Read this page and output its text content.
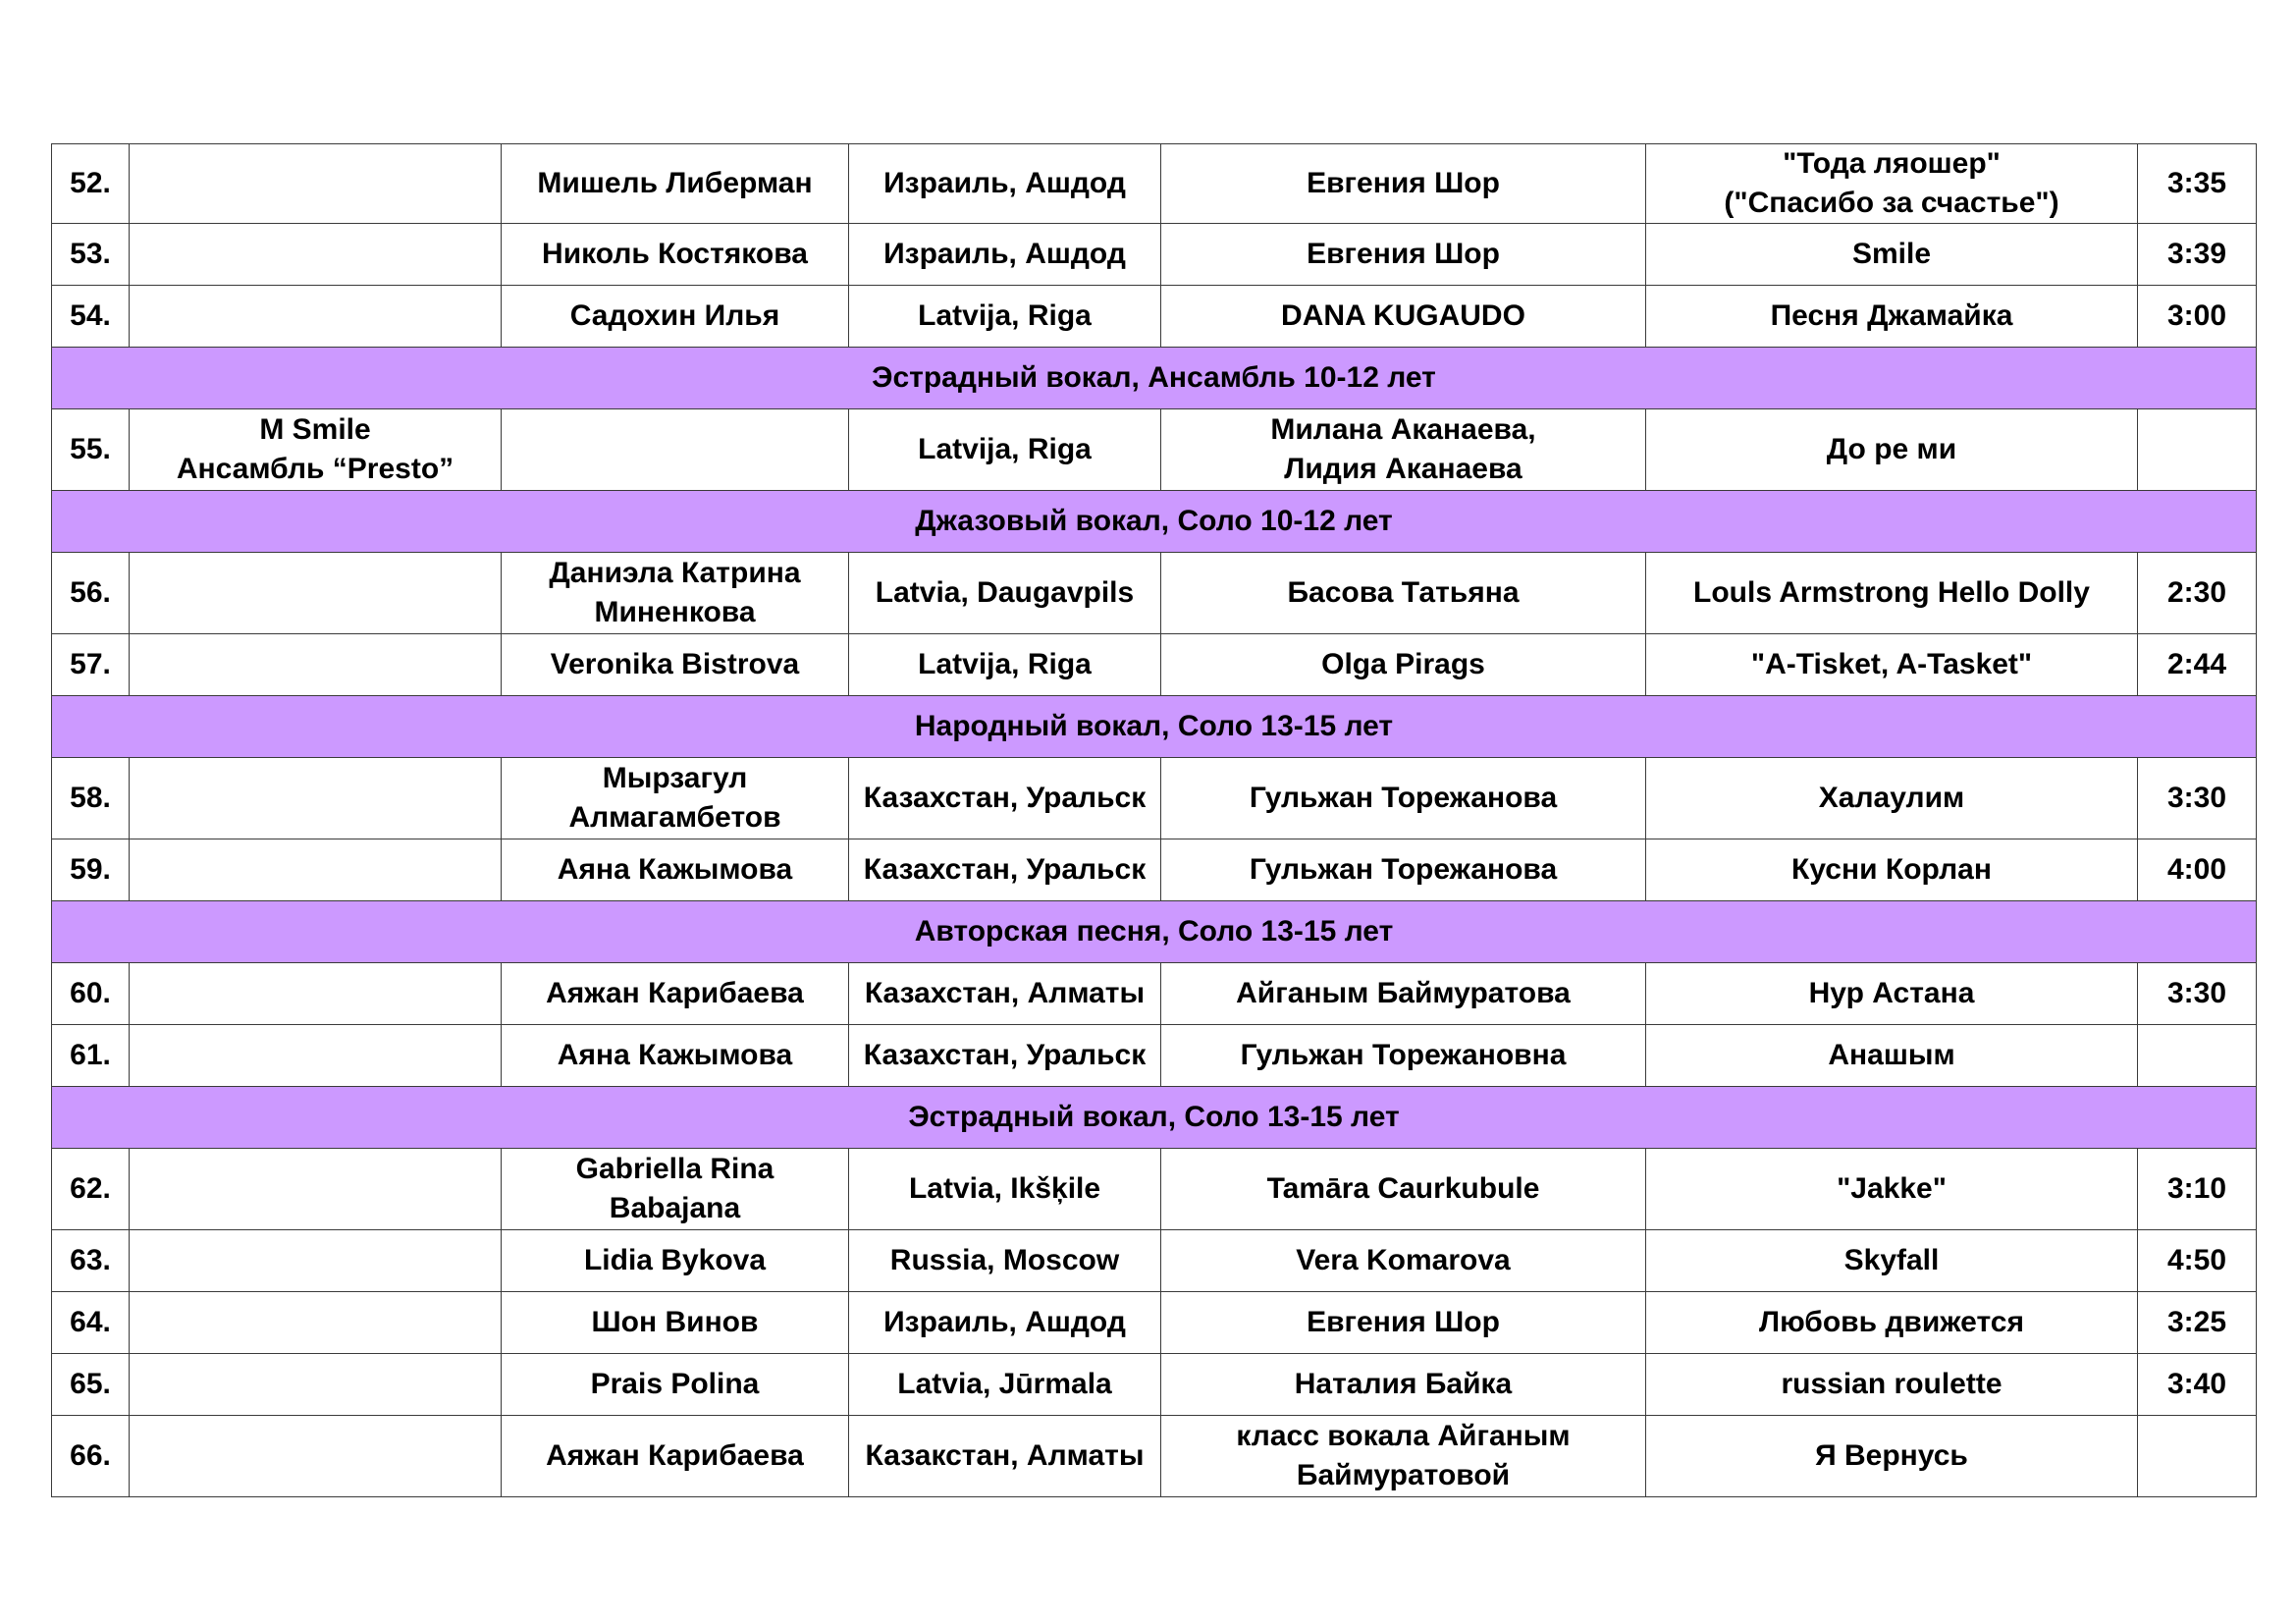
52.		Мишель Либерман	Израиль, Ашдод	Евгения Шор	"Тода ляошер"
("Спасибо за счастье")	3:35
53.		Николь Костякова	Израиль, Ашдод	Евгения Шор	Smile	3:39
54.		Садохин Илья	Latvija, Riga	DANA KUGAUDO	Песня Джамайка	3:00
Эстрадный вокал, Ансамбль 10-12 лет						
55.	M Smile
Ансамбль “Presto”		Latvija, Riga	Милана Аканаева,
Лидия Аканаева	До ре ми	

Джазовый вокал, Соло 10-12 лет						
56.		Даниэла Катрина
Миненкова	Latvia, Daugavpils	Басова Татьяна	Louls Armstrong Hello Dolly	2:30
57.		Veronika Bistrova	Latvija, Riga	Olga Pirags	"A-Tisket, A-Tasket"	2:44
Народный вокал, Соло 13-15 лет						
58.		Мырзагул
Алмагамбетов	Казахстан, Уральск	Гульжан Торежанова	Халаулим	3:30
59.		Аяна Кажымова	Казахстан, Уральск	Гульжан Торежанова	Кусни Корлан	4:00
Авторская песня, Соло 13-15 лет						
60.		Аяжан Карибаева	Казахстан, Алматы	Айганым Баймуратова	Нур Астана	3:30
61.		Аяна Кажымова	Казахстан, Уральск	Гульжан Торежановна	Анашым	

Эстрадный вокал, Соло 13-15 лет						
62.		Gabriella Rina
Babajana	Latvia, Ikšķile	Tamāra Caurkubule	"Jakke"	3:10
63.		Lidia Bykova	Russia, Moscow	Vera Komarova	Skyfall	4:50
64.		Шон Винов	Израиль, Ашдод	Евгения Шор	Любовь движется	3:25
65.		Prais Polina	Latvia, Jūrmala	Наталия Байка	russian roulette	3:40
66.		Аяжан Карибаева	Казакстан, Алматы	класс вокала Айганым
Баймуратовой	Я Вернусь	
